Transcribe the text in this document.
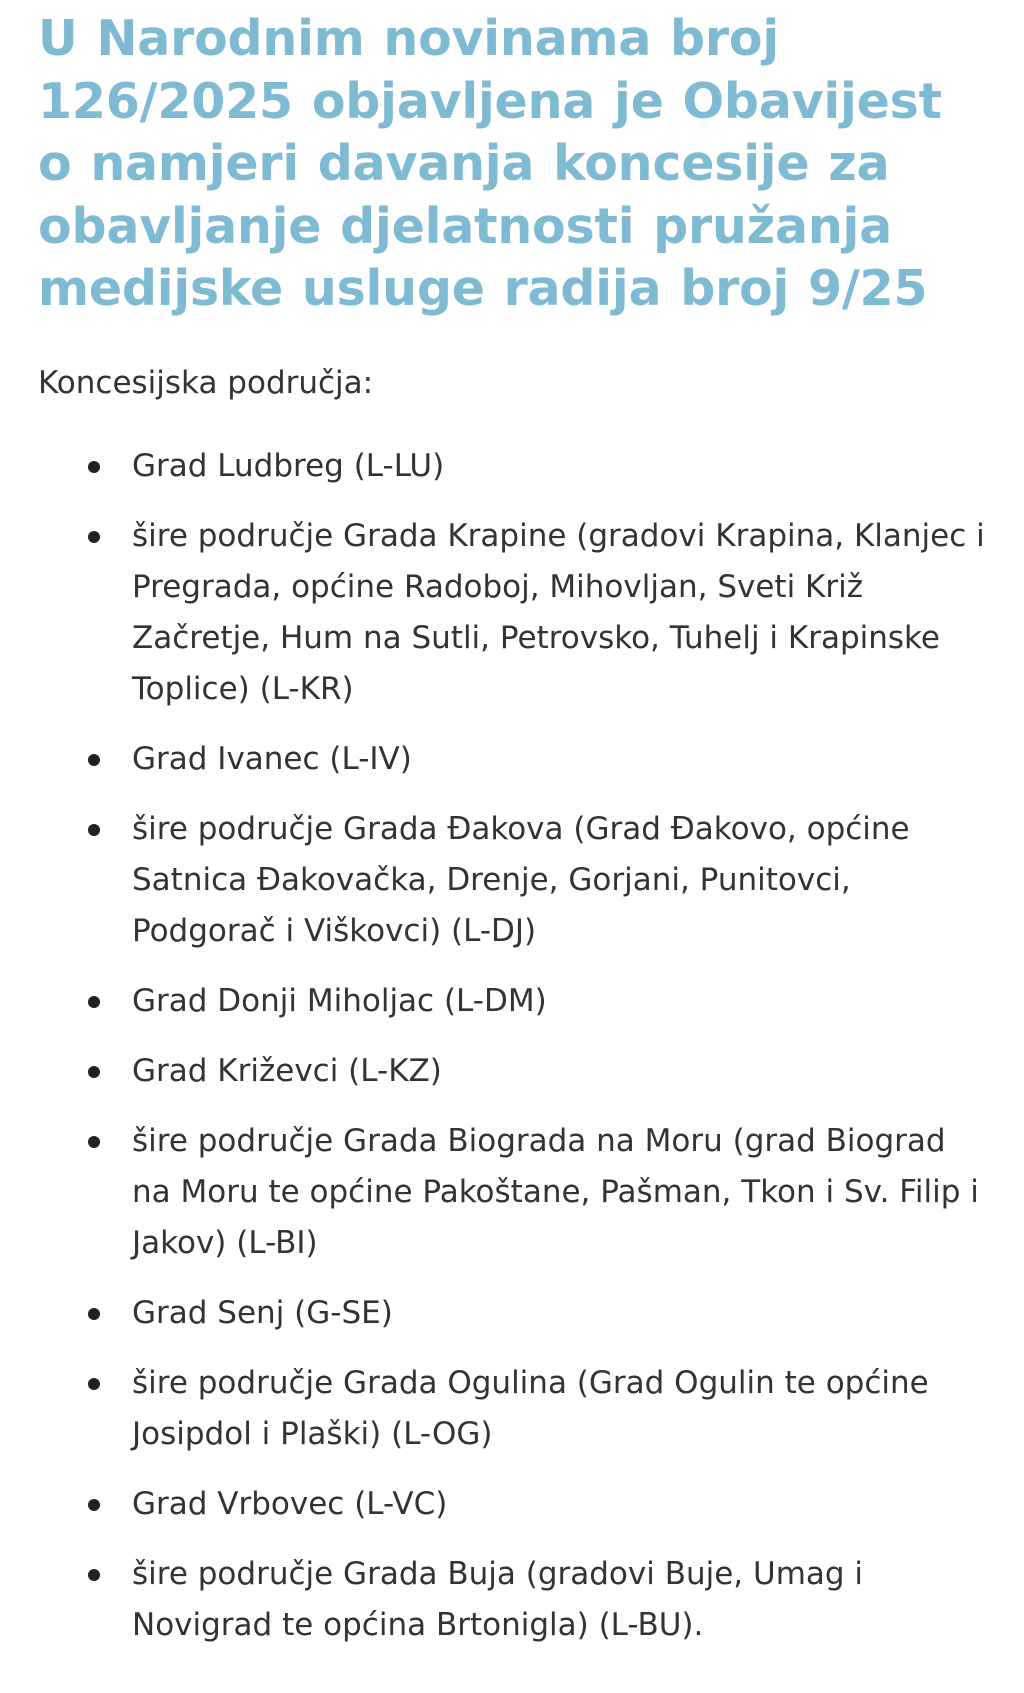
U Narodnim novinama broj 126/2025 objavljena je Obavijest o namjeri davanja koncesije za obavljanje djelatnosti pružanja medijske usluge radija broj 9/25

Koncesijska područja:

Grad Ludbreg (L-LU)
šire područje Grada Krapine (gradovi Krapina, Klanjec i Pregrada, općine Radoboj, Mihovljan, Sveti Križ Začretje, Hum na Sutli, Petrovsko, Tuhelj i Krapinske Toplice) (L-KR)
Grad Ivanec (L-IV)
šire područje Grada Đakova (Grad Đakovo, općine Satnica Đakovačka, Drenje, Gorjani, Punitovci, Podgorač i Viškovci) (L-DJ)
Grad Donji Miholjac (L-DM)
Grad Križevci (L-KZ)
šire područje Grada Biograda na Moru (grad Biograd na Moru te općine Pakoštane, Pašman, Tkon i Sv. Filip i Jakov) (L-BI)
Grad Senj (G-SE)
šire područje Grada Ogulina (Grad Ogulin te općine Josipdol i Plaški) (L-OG)
Grad Vrbovec (L-VC)
šire područje Grada Buja (gradovi Buje, Umag i Novigrad te općina Brtonigla) (L-BU).
